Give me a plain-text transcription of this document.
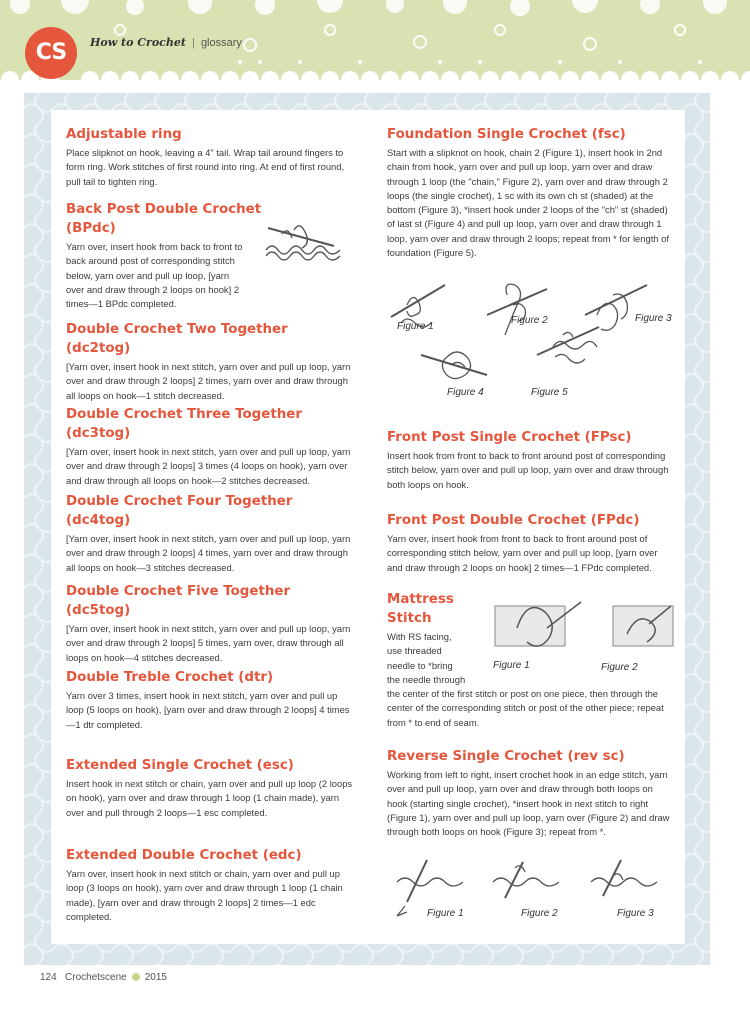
CS	How to Crochet | glossary
Adjustable ring

Place slipknot on hook, leaving a 4" tail. Wrap tail around fingers to form ring. Work stitches of first round into ring. At end of first round, pull tail to tighten ring.

Back Post Double Crochet
(BPdc)

Yarn over, insert hook from back to front to back around post of corresponding stitch below, yarn over and pull up loop, [yarn over and draw through 2 loops on hook] 2 times—1 BPdc completed.

Double Crochet Two Together (dc2tog)

[Yarn over, insert hook in next stitch, yarn over and pull up loop, yarn over and draw through 2 loops] 2 times, yarn over and draw through all loops on hook—1 stitch decreased.

Double Crochet Three Together (dc3tog)

[Yarn over, insert hook in next stitch, yarn over and pull up loop, yarn over and draw through 2 loops] 3 times (4 loops on hook), yarn over and draw through all loops on hook—2 stitches decreased.

Double Crochet Four Together (dc4tog)

[Yarn over, insert hook in next stitch, yarn over and pull up loop, yarn over and draw through 2 loops] 4 times, yarn over and draw through all loops on hook—3 stitches decreased.

Double Crochet Five Together (dc5tog)

[Yarn over, insert hook in next stitch, yarn over and pull up loop, yarn over and draw through 2 loops] 5 times, yarn over, draw through all loops on hook—4 stitches decreased.

Double Treble Crochet (dtr)

Yarn over 3 times, insert hook in next stitch, yarn over and pull up loop (5 loops on hook), [yarn over and draw through 2 loops] 4 times—1 dtr completed.

Extended Single Crochet (esc)

Insert hook in next stitch or chain, yarn over and pull up loop (2 loops on hook), yarn over and draw through 1 loop (1 chain made), yarn over and pull through 2 loops—1 esc completed.

Extended Double Crochet (edc)

Yarn over, insert hook in next stitch or chain, yarn over and pull up loop (3 loops on hook), yarn over and draw through 1 loop (1 chain made), [yarn over and draw through 2 loops] 2 times—1 edc completed.

Foundation Single Crochet (fsc)

Start with a slipknot on hook, chain 2 (Figure 1), insert hook in 2nd chain from hook, yarn over and pull up loop, yarn over and draw through 1 loop (the "chain," Figure 2), yarn over and draw through 2 loops (the single crochet), 1 sc with its own ch st (shaded) at the bottom (Figure 3), *insert hook under 2 loops of the "ch" st (shaded) of last st (Figure 4) and pull up loop, yarn over and draw through 1 loop, yarn over and draw through 2 loops; repeat from * for length of foundation (Figure 5).

Figure 1
Figure 2	Figure 3
Figure 4	Figure 5
Front Post Single Crochet (FPsc)

Insert hook from front to back to front around post of corresponding stitch below, yarn over and pull up loop, yarn over and draw through both loops on hook.

Front Post Double Crochet (FPdc)

Yarn over, insert hook from front to back to front around post of corresponding stitch below, yarn over and pull up loop, [yarn over and draw through 2 loops on hook] 2 times—1 FPdc completed.

Mattress
Stitch

With RS facing,
use threaded
needle to *bring
the needle through

the center of the first stitch or post on one piece, then through the center of the corresponding stitch or post of the other piece; repeat from * to end of seam.

Figure 1	Figure 2
Reverse Single Crochet (rev sc)

Working from left to right, insert crochet hook in an edge stitch, yarn over and pull up loop, yarn over and draw through both loops on hook (starting single crochet), *insert hook in next stitch to right (Figure 1), yarn over and pull up loop, yarn over (Figure 2) and draw through both loops on hook (Figure 3); repeat from *.

Figure 1	Figure 2	Figure 3
124 Crochetscene 2015
